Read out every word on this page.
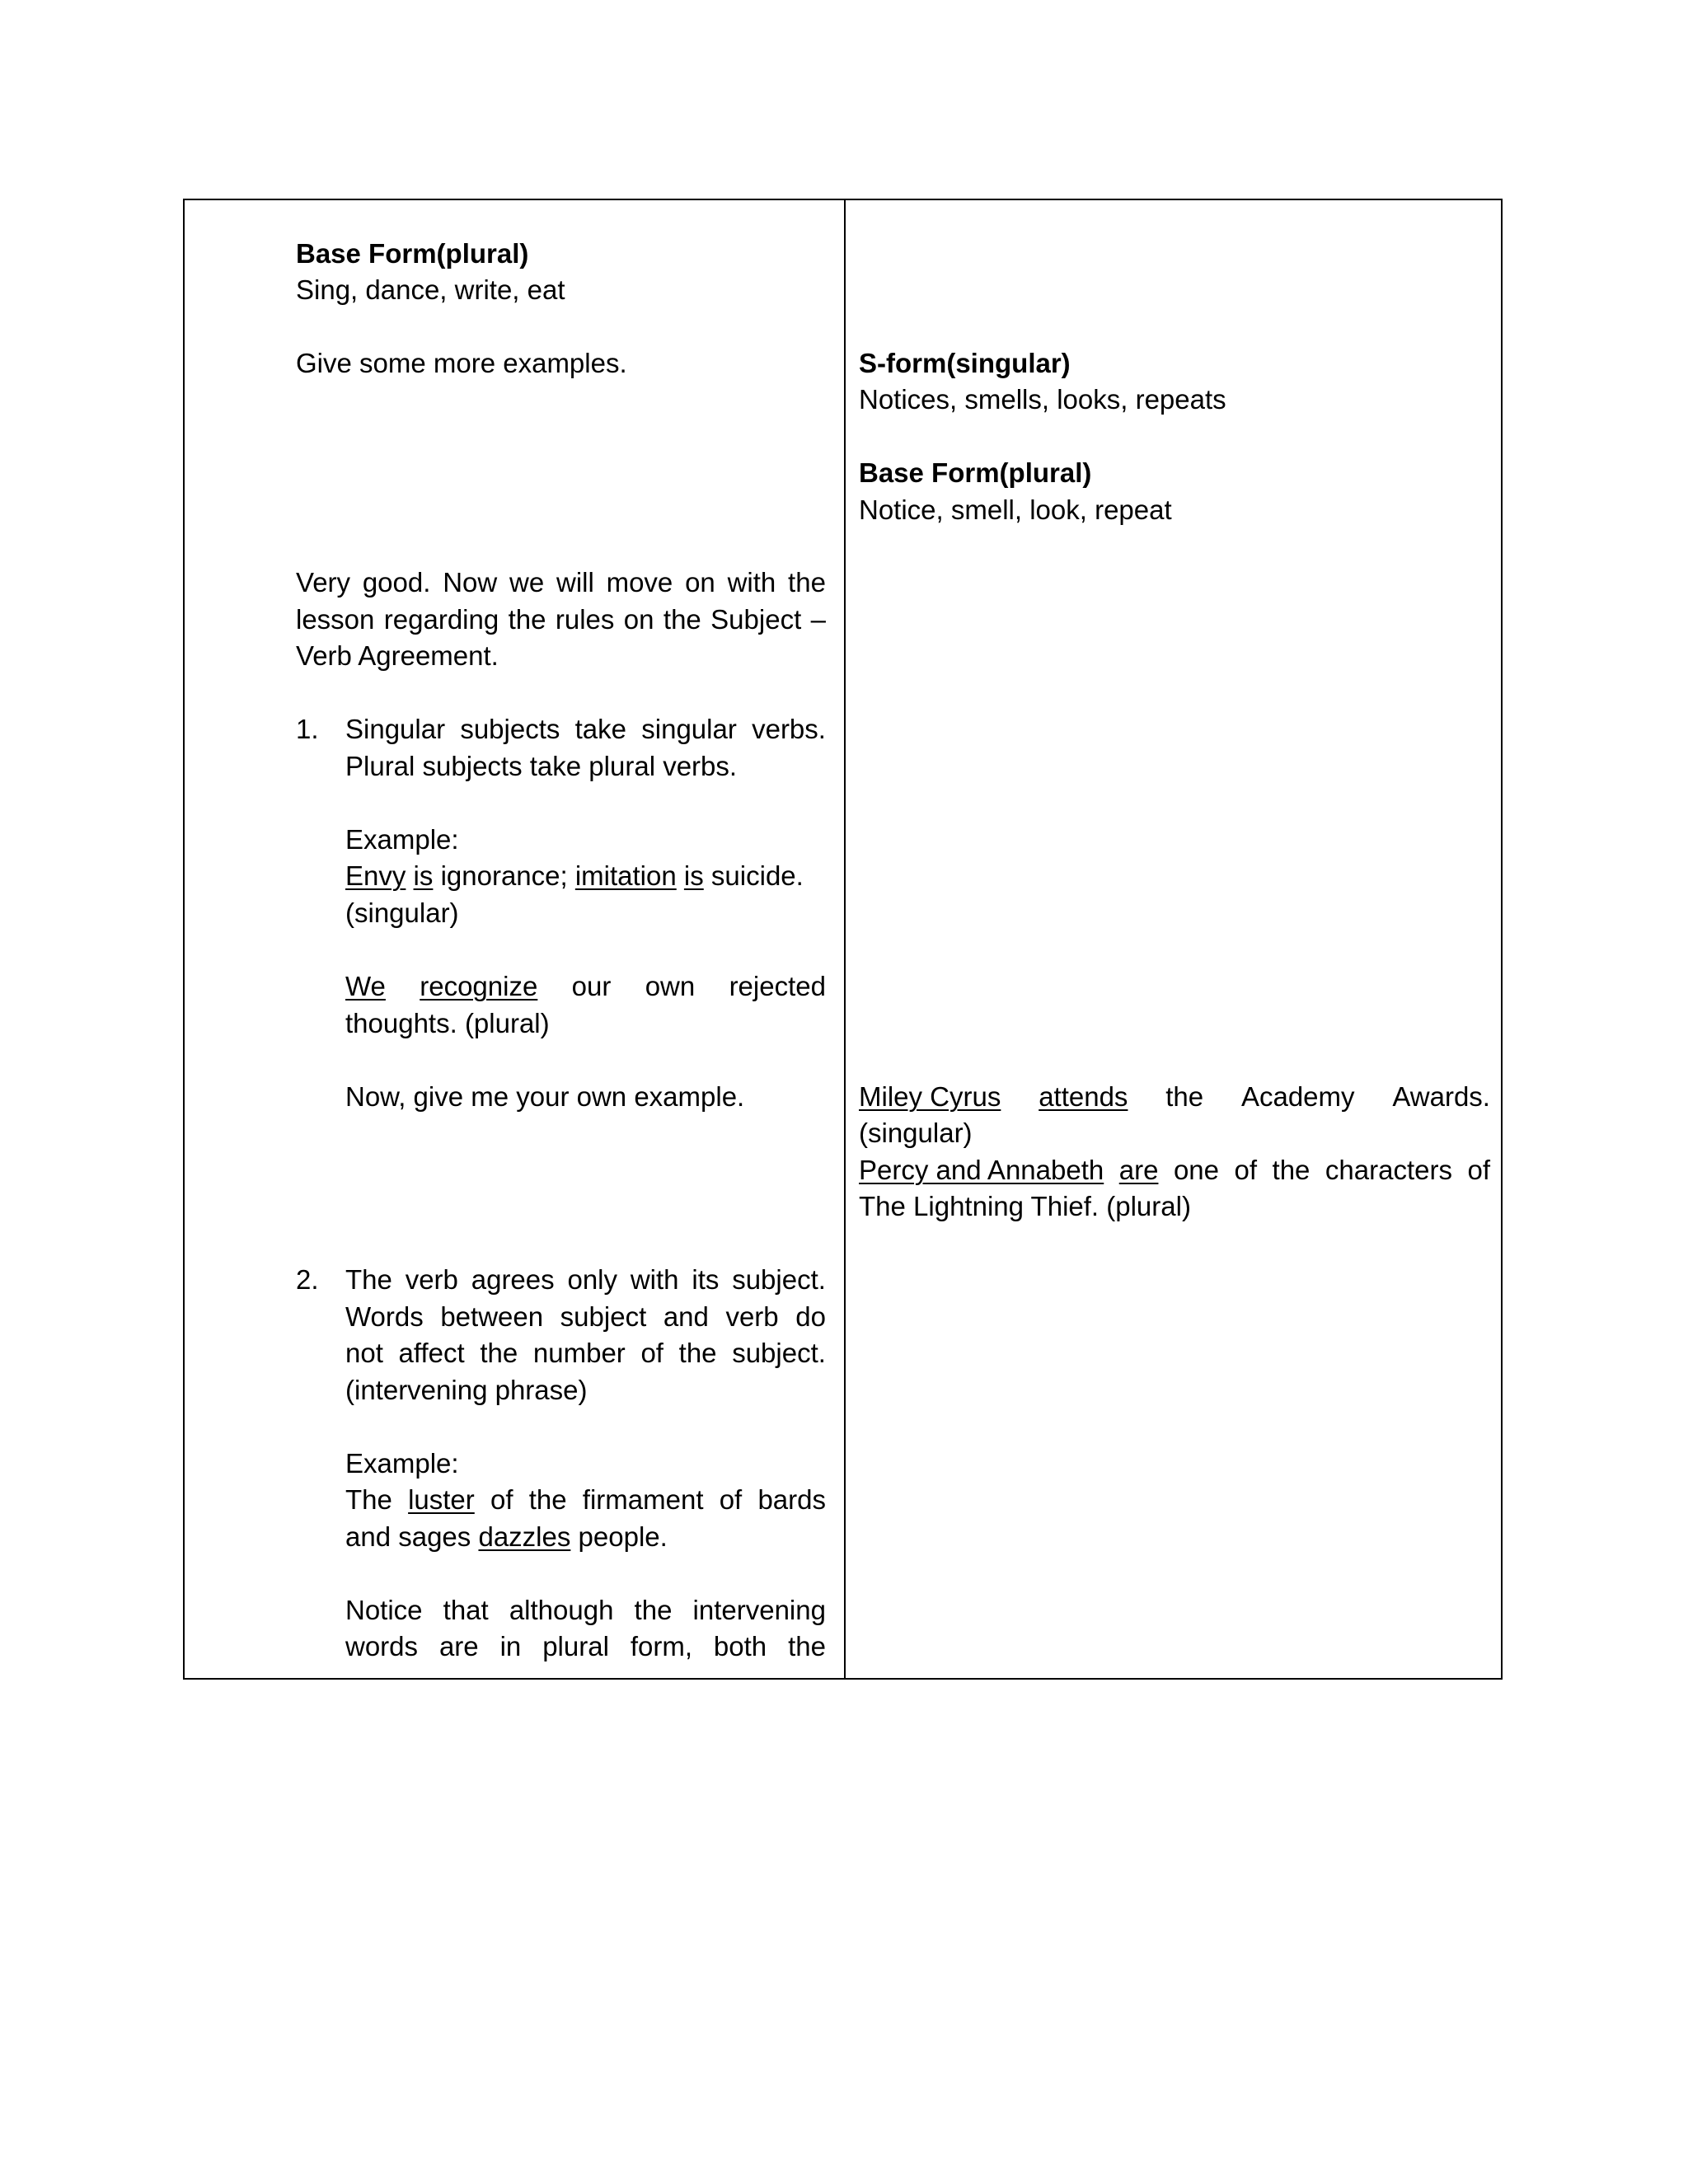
Base Form(plural)
Sing, dance, write, eat
Give some more examples.
Very good. Now we will move on with the
lesson regarding the rules on the Subject –
Verb Agreement.
1. Singular subjects take singular verbs.
Plural subjects take plural verbs.
Example:
Envy is ignorance; imitation is suicide.
(singular)
We recognize our own rejected
thoughts. (plural)
Now, give me your own example.
2. The verb agrees only with its subject.
Words between subject and verb do
not affect the number of the subject.
(intervening phrase)
Example:
The luster of the firmament of bards
and sages dazzles people.
Notice that although the intervening
words are in plural form, both the
S-form(singular)
Notices, smells, looks, repeats
Base Form(plural)
Notice, smell, look, repeat
Miley Cyrus attends the Academy Awards.
(singular)
Percy and Annabeth are one of the characters of
The Lightning Thief. (plural)
